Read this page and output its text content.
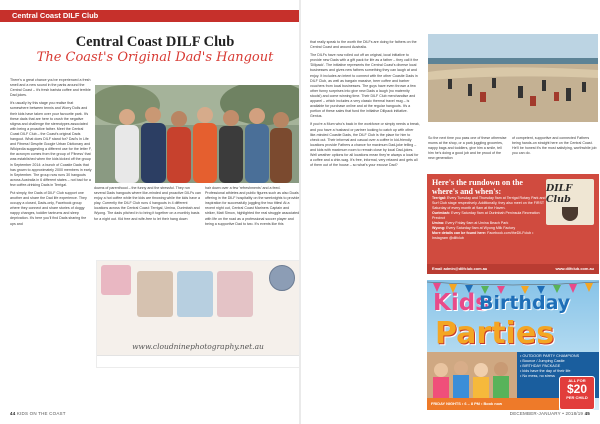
Central Coast DILF Club
Central Coast DILF Club
The Coast's Original Dad's Hangout

There's a great chance you've experienced a fresh smell and a new sound in the parks around the Central Coast – it's fresh barista coffee and terrible Dad jokes.

It's usually by this stage you realise that somewhere between tennis and Worry Dolls and their kids have taken over your favourite park. It's these dads that are here to crush the negative stigma and challenge the stereotypes associated with being a proactive father. Meet the Central Coast DILF Club – the Coast's original Dads hangout. What does DILF stand for? Dad's In Life and Fitness! Despite Google Urban Dictionary and Wikipedia suggesting a different use for the letter F, the acronym comes from the group of 'Fitness' that was established when the kids kicked off the group in September 2014: a bunch of Coastie Dads that has grown to approximately 2000 members in early in September. The group now runs 30 hangouts across Australia in 6 different states – not bad for a few coffee-drinking Dads in Terrigal.

Put simply, the Dads of DILF Club support one another and share the Dad life experience. They occupy a closed, Dads-only, Facebook group where they connect and share stories of doggy nappy changes, toddler tantrums and sleep deprivation. It's here you'll find Dads sharing the ups and

downs of parenthood – the funny and the stressful. They run several Dads hangouts where like-minded and proactive DILFs can enjoy a hot coffee while the kids are throwing while the kids have a play. Currently the DILF Club runs 4 hangouts in 4 different locations across the Central Coast: Terrigal, Umina, Ourimbah and Wyong. The dads pitched in to bring it together on a monthly basis for a night out. Kid free and wife-free to let their hang down
hair down over a few 'refreshments' and a feed. Professional athletes and public figures such as also Duals offering in the DILF hospitality on the weeknights to provide inspiration for successfully juggling the two titles! At a recent night out, Central Coast Mariners Captain and striker, Matt Simon, highlighted the real struggle associated with life on the road as a professional soccer player and being a supportive Dad to two. It's events like this
www.cloudninephotography.net.au
44 KIDS ON THE COAST

that really speak to the worth the DILFs are doing for fathers on the Central Coast and around Australia.

The DILFs have now rolled out off an original, local initiative to provide new Dads with a gift pack for life as a father – they call it the 'Dillpack'. The initiative represents the Central Coast's diverse local businesses and gives new fathers something they can laugh at and enjoy. It includes an intent to connect with the other Coastie Dads in DILF Club, as well as bargain massive, beer coffee and barber vouchers from local businesses. The guys have even thrown a few other funny surprises into give new Dads a laugh (no maternity stools!) and come winning time. Their DILF Club merchandise and apparel – which includes a very classic thermal travel mug – is available for purchase online and at the regular hangouts. It's a portion of these sales that fund the initiative Dillpack initiative. Genius.

If you're a Mum who's back in the workforce or simply needs a break, and you have a husband or partner looking to catch up with other like-minded Coastie Dads, the DILF Club is the place for him to check out. Their informal and casual over a coffee in kid-friendly locations provide Fathers a chance for maximum Dad-joke telling – and kids with maximum room to remain close by local Dad-jokes. Well weather options for all locations mean they're always a local for a coffee and a chin-wag. It's free, informal, very relaxed and gets all of them out of the house – so what's your excuse Dad?

So the next time you pass one of these otherwise mums at the shop, or a park juggling groceries, nappy bags and toddlers, give him a smile, tell him he's doing a good job and be proud of the new generation
of competent, supportive and connected Fathers being hands-on straight here on the Central Coast. He'll be honest it's the most satisfying, worthwhile job you can do.
Here's the rundown on the where's and when's:
Terrigal: Every Tuesday and Thursday 9am at Terrigal Rotary Park and Surf Club stage respectively. Additionally, they also meet on the FIRST Saturday of every month at 9am at the Haven.
Ourimbah: Every Saturday 9am at Ourimbah Peninsula Recreation Precinct
Umina: Every Friday 9am at Umina Beach Park
Wyong: Every Saturday 9am at Wyong Milk Factory
More details can be found here: Facebook.com/theDILFclub • Instagram @dilfclub
DILF Club
Email admin@dilfclub.com.au	www.dilfclub.com.au
Kids
Birthday
Parties
• OUTDOOR PARTY CHAMPIONS
• Bounce / Jumping Castle
• BIRTHDAY PACKAGE
• kids have the day of their life
• No mess, no stress
ALL FOR
$20
PER CHILD
FRIDAY NIGHTS • 6 – 8 PM • Book now
DECEMBER-JANUARY • 2018/19 45
